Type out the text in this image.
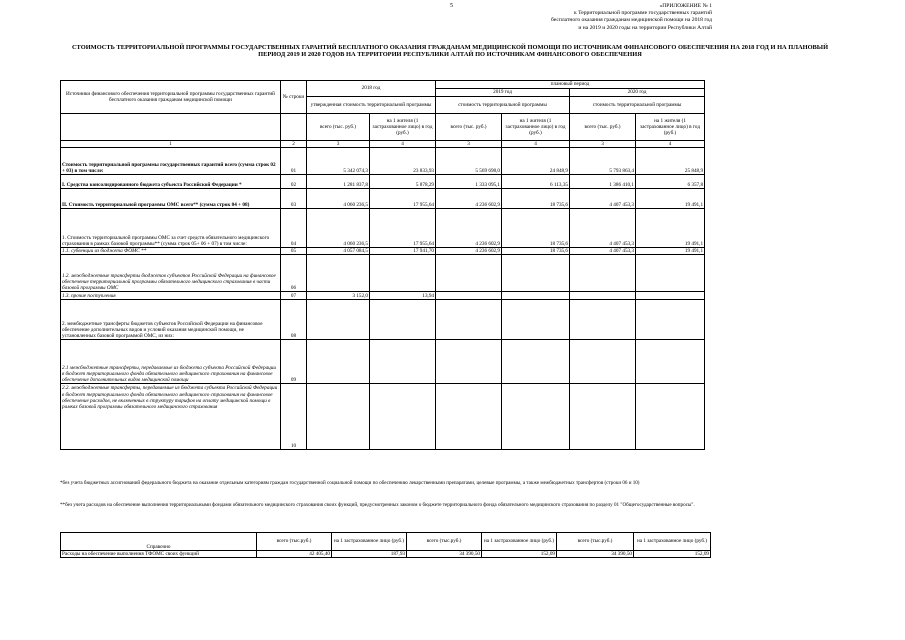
5	«ПРИЛОЖЕНИЕ № 1
к Территориальной программе государственных гарантий
бесплатного оказания гражданам медицинской помощи на 2018 год
и на 2019 и 2020 годы на территории Республики Алтай
СТОИМОСТЬ ТЕРРИТОРИАЛЬНОЙ ПРОГРАММЫ ГОСУДАРСТВЕННЫХ ГАРАНТИЙ БЕСПЛАТНОГО ОКАЗАНИЯ ГРАЖДАНАМ МЕДИЦИНСКОЙ ПОМОЩИ ПО ИСТОЧНИКАМ ФИНАНСОВОГО ОБЕСПЕЧЕНИЯ НА 2018 ГОД И НА ПЛАНОВЫЙ ПЕРИОД 2019 И 2020 ГОДОВ НА ТЕРРИТОРИИ РЕСПУБЛИКИ АЛТАЙ ПО ИСТОЧНИКАМ ФИНАНСОВОГО ОБЕСПЕЧЕНИЯ
Источники финансового обеспечения территориальной программы государственных гарантий бесплатного оказания гражданам медицинской помощи	№ строки	2018 год		плановый период			
				2019 год		2020 год	
		утвержденная стоимость территориальной программы		стоимость территориальной программы		стоимость территориальной программы	

		всего (тыс. руб.)	на 1 жителя (1 застрахованное лицо) в год (руб.)	всего (тыс. руб.)	на 1 жителя (1 застрахованное лицо) в год (руб.)	всего (тыс. руб.)	на 1 жителя (1 застрахованное лицо) в год (руб.)
1	2	3	4	3	4	3	4
Стоимость территориальной программы государственных гарантий всего (сумма строк 02 + 03) в том числе:	01	5 342 074,3	23 833,93	5 569 698,0	24 848,9	5 793 863,4	25 848,9
I. Средства консолидированного бюджета субъекта Российской Федерации *	02	1 281 837,8	5 878,29	1 333 095,1	6 113,35	1 386 410,1	6 357,8
II. Стоимость территориальной программы ОМС всего** (сумма строк 04 + 08)	03	4 060 236,5	17 955,64	4 236 602,9	18 735,6	4 407 453,3	19 491,1
1. Стоимость территориальной программы ОМС за счет средств обязательного медицинского страхования в рамках базовой программы** (сумма строк 05+ 06 + 07) в том числе:	04	4 060 236,5	17 955,64	4 236 602,9	18 735,6	4 407 453,3	19 491,1
1.1. субвенции из бюджета ФОМС **	05	4 057 084,5	17 941,70	4 236 602,9	18 735,6	4 407 453,3	19 491,1
1.2. межбюджетные трансферты бюджетов субъектов Российской Федерации на финансовое обеспечение территориальной программы обязательного медицинского страхования в части базовой программы ОМС	06						
1.3. прочие поступления	07	3 152,0	13,94				
2. межбюджетные трансферты бюджетов субъектов Российской Федерации на финансовое обеспечение дополнительных видов и условий оказания медицинской помощи, не установленных базовой программой ОМС, из них:	08						
2.1 межбюджетные трансферты, передаваемые из бюджета субъекта Российской Федерации в бюджет территориального фонда обязательного медицинского страхования на финансовое обеспечение дополнительных видов медицинской помощи	09						
2.2. межбюджетные трансферты, передаваемые из бюджета субъекта Российской Федерации в бюджет территориального фонда обязательного медицинского страхования на финансовое обеспечение расходов, не включенных в структуру тарифов на оплату медицинской помощи в рамках базовой программы обязательного медицинского страхования	10						
*без учета бюджетных ассигнований федерального бюджета на оказание отдельным категориям граждан государственной социальной помощи по обеспечению лекарственными препаратами, целевые программы, а также межбюджетных трансфертов (строки 06 и 10)
**без учета расходов на обеспечение выполнения территориальными фондами обязательного медицинского страхования своих функций, предусмотренных законом о бюджете территориального фонда обязательного медицинского страхования по разделу 01 "Общегосударственные вопросы".
Справочно	всего (тыс.руб.)	на 1 застрахованное лицо (руб.)	всего (тыс.руб.)	на 1 застрахованное лицо (руб.)	всего (тыс.руб.)	на 1 застрахованное лицо (руб.)
Расходы на обеспечение выполнения ТФОМС своих функций	42 405,40	187,93	34 390,50	152,09	34 390,50	152,09
